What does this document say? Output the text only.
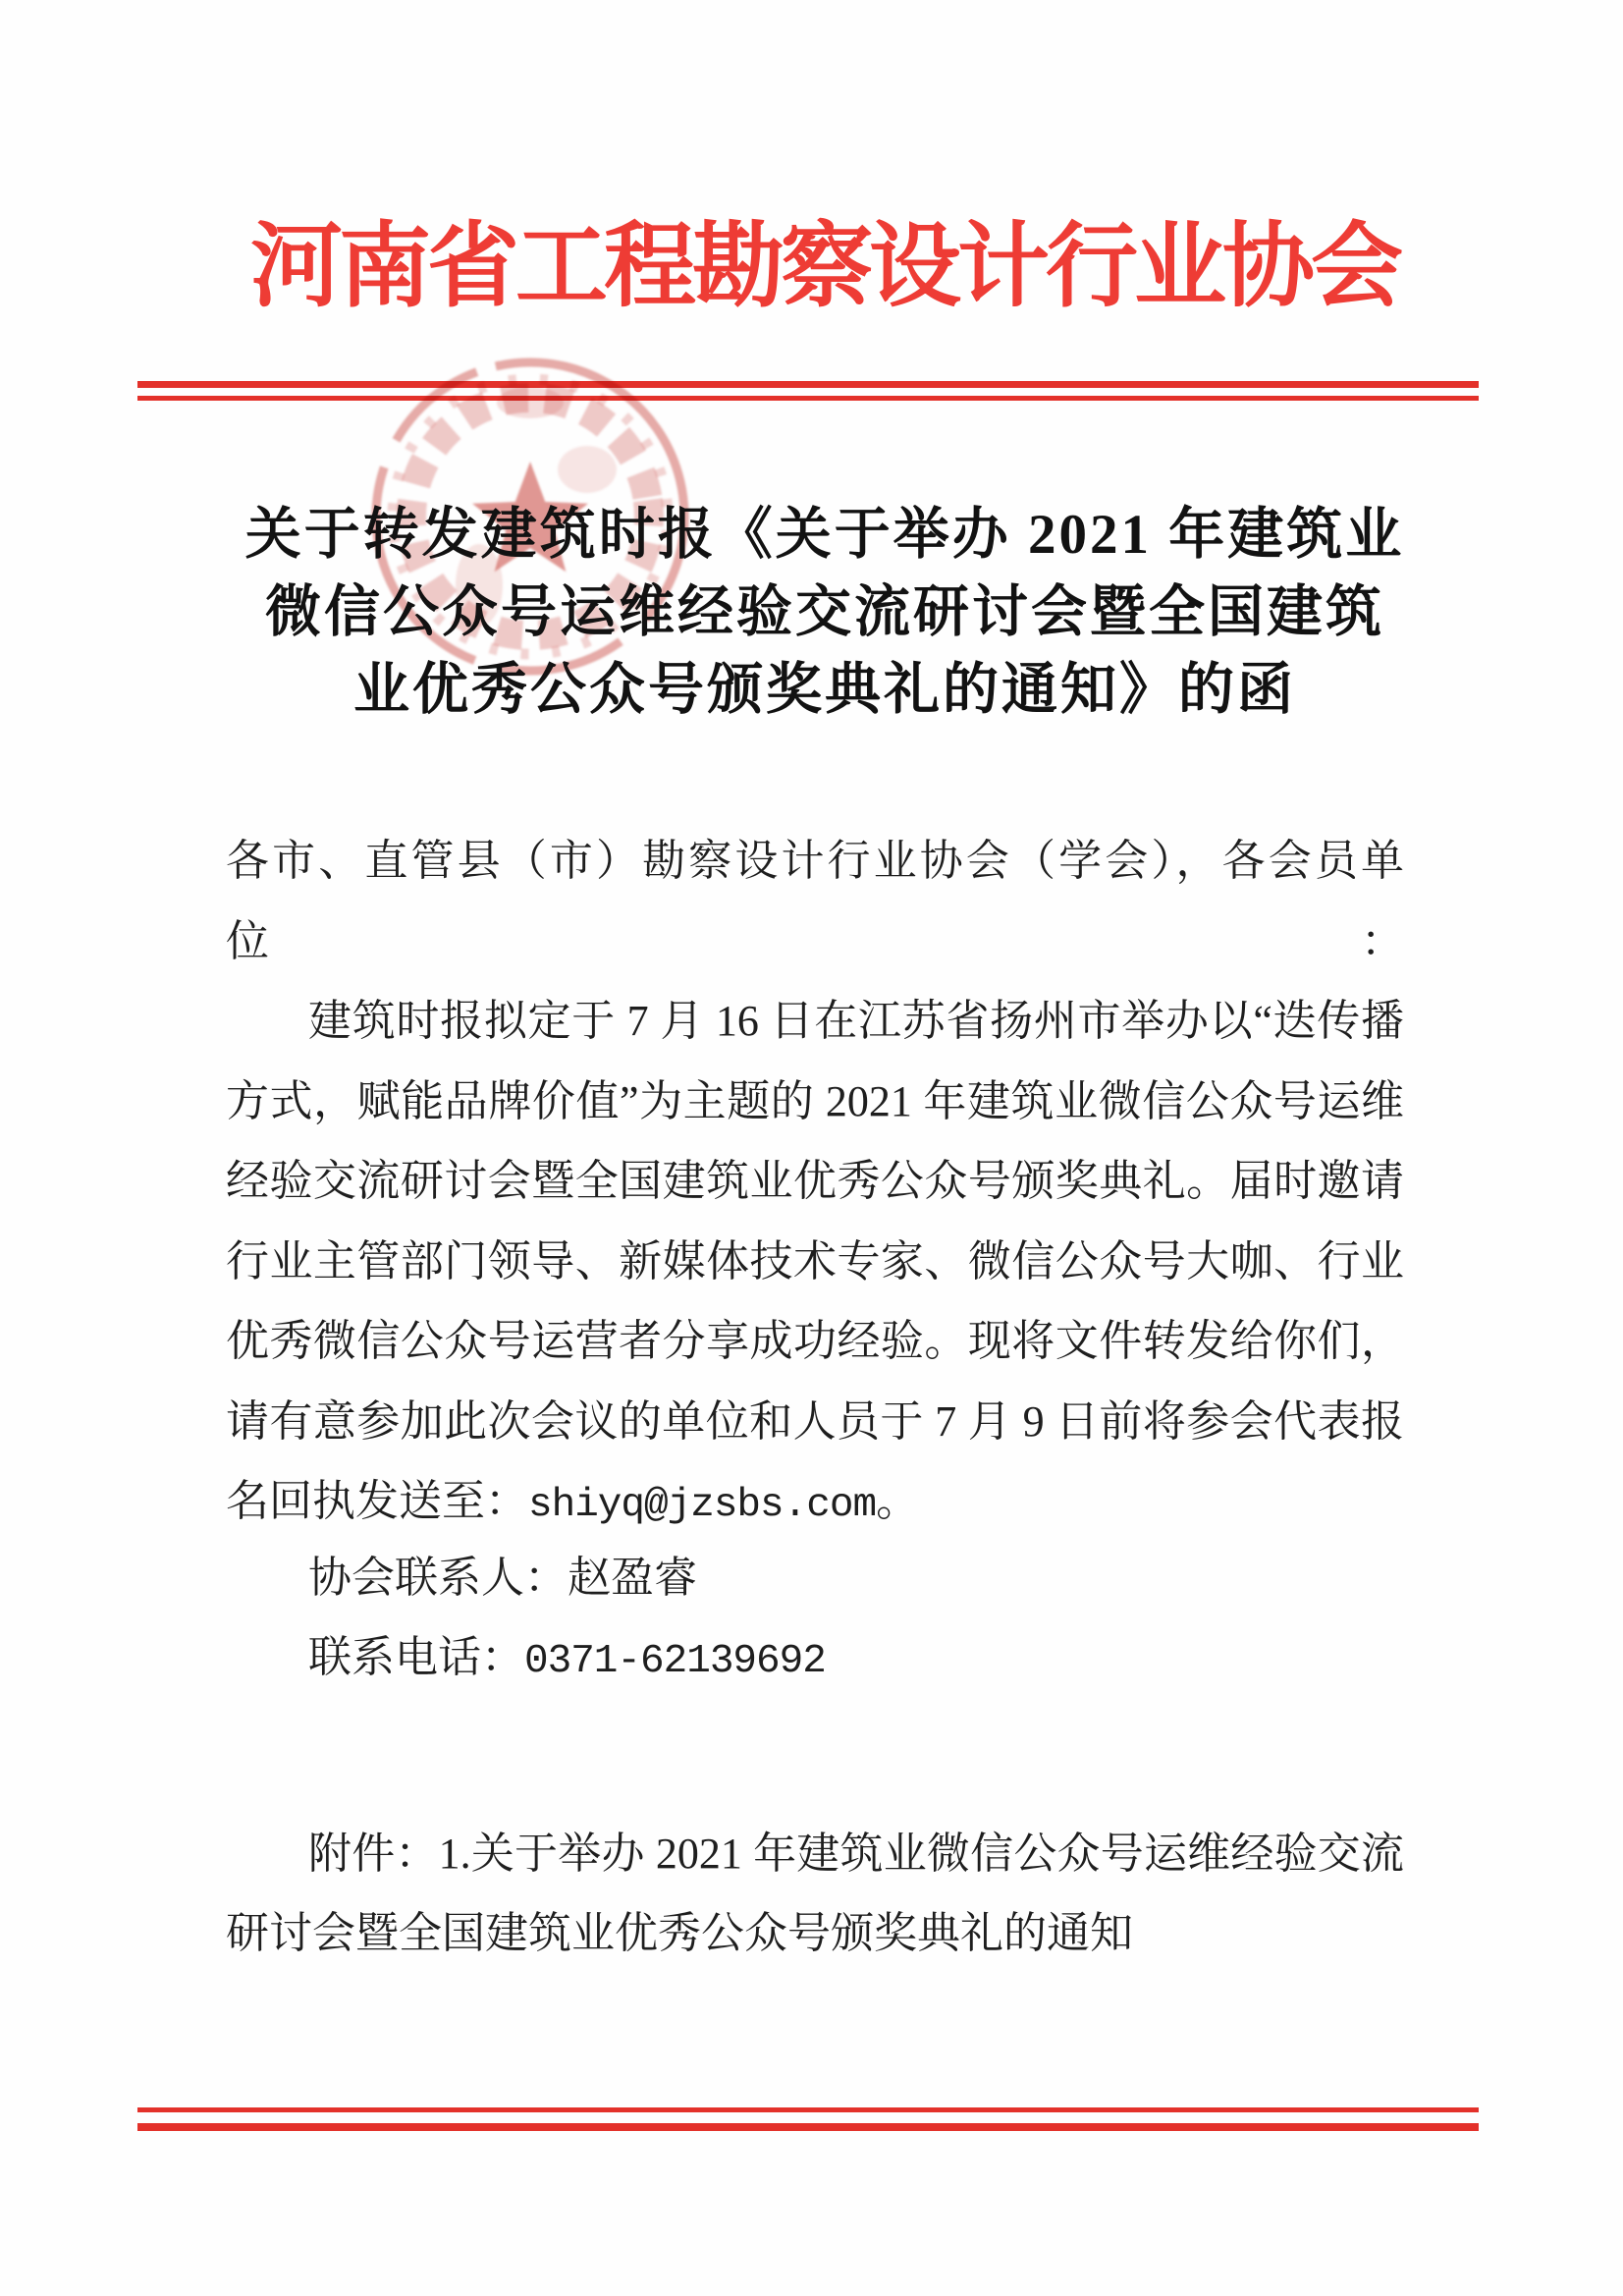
河南省工程勘察设计行业协会
关于转发建筑时报《关于举办 2021 年建筑业
微信公众号运维经验交流研讨会暨全国建筑
业优秀公众号颁奖典礼的通知》的函
各市、直管县（市）勘察设计行业协会（学会），各会员单位：
建筑时报拟定于 7 月 16 日在江苏省扬州市举办以“迭传播
方式，赋能品牌价值”为主题的 2021 年建筑业微信公众号运维
经验交流研讨会暨全国建筑业优秀公众号颁奖典礼。届时邀请
行业主管部门领导、新媒体技术专家、微信公众号大咖、行业
优秀微信公众号运营者分享成功经验。现将文件转发给你们，
请有意参加此次会议的单位和人员于 7 月 9 日前将参会代表报
名回执发送至：shiyq@jzsbs.com。
协会联系人：赵盈睿
联系电话：0371-62139692
附件：1.关于举办 2021 年建筑业微信公众号运维经验交流
研讨会暨全国建筑业优秀公众号颁奖典礼的通知
